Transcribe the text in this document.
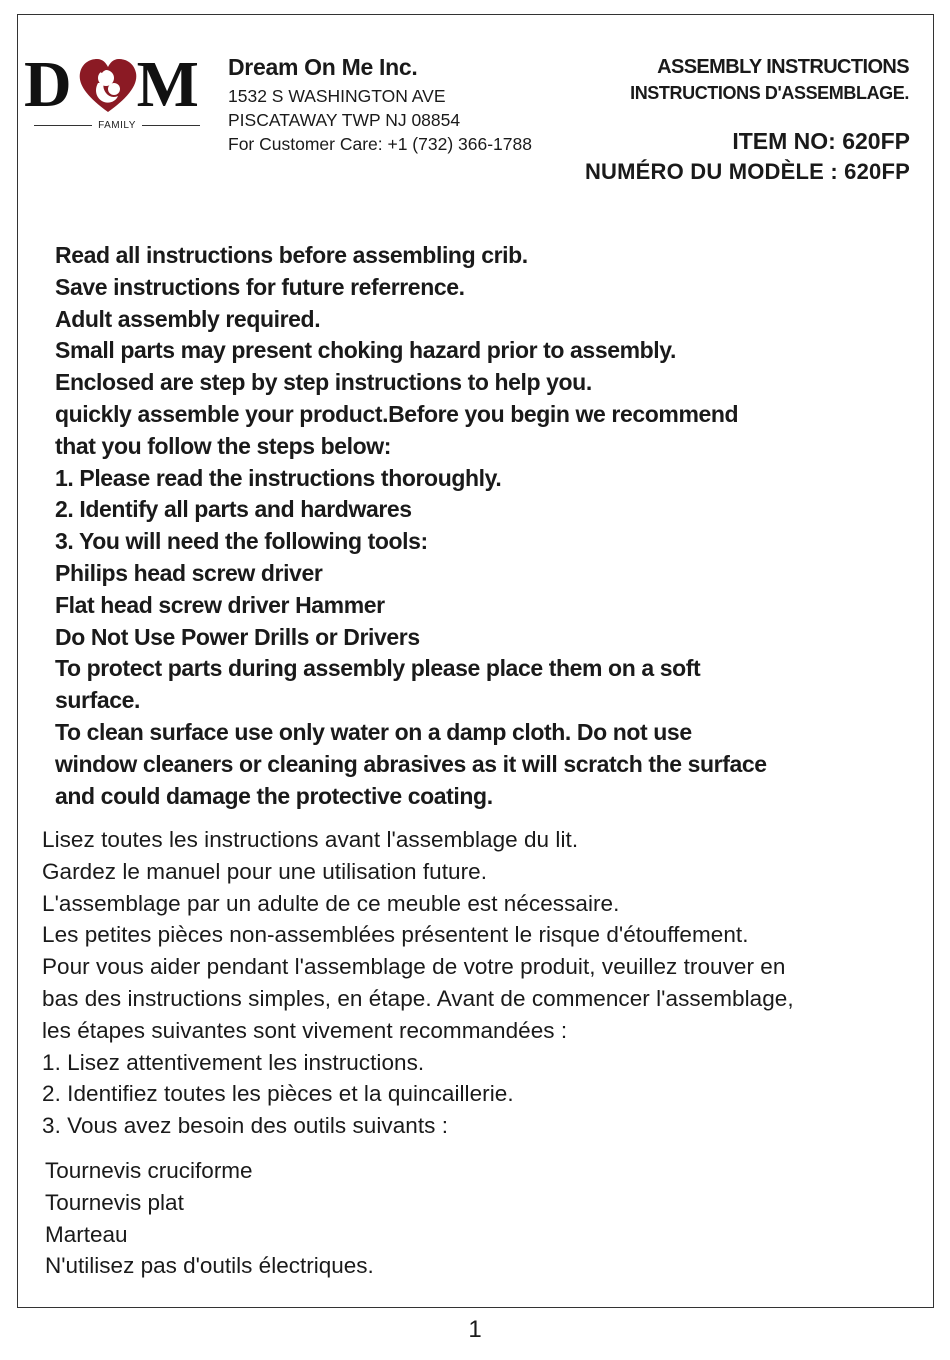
D M
FAMILY
Dream On Me Inc.
1532 S WASHINGTON AVE
PISCATAWAY TWP NJ 08854
For Customer Care: +1 (732) 366-1788
ASSEMBLY INSTRUCTIONS
INSTRUCTIONS D'ASSEMBLAGE.
ITEM NO: 620FP
NUMÉRO DU MODÈLE : 620FP
Read all instructions before assembling crib.
Save instructions for future referrence.
Adult assembly required.
Small parts may present choking hazard prior to assembly.
Enclosed are step by step instructions to help you.
quickly assemble your product.Before you begin we recommend
that you follow the steps below:
1. Please read the instructions thoroughly.
2. Identify all parts and hardwares
3. You will need the following tools:
Philips head screw driver
Flat head screw driver Hammer
Do Not Use Power Drills or Drivers
To protect parts during assembly please place them on a soft
surface.
To clean surface use only water on a damp cloth. Do not use
window cleaners or cleaning abrasives as it will scratch the surface
and could damage the protective coating.
Lisez toutes les instructions avant l'assemblage du lit.
Gardez le manuel pour une utilisation future.
L'assemblage par un adulte de ce meuble est nécessaire.
Les petites pièces non-assemblées présentent le risque d'étouffement.
Pour vous aider pendant l'assemblage de votre produit, veuillez trouver en
bas des instructions simples, en étape. Avant de commencer l'assemblage,
les étapes suivantes sont vivement recommandées :
1. Lisez attentivement les instructions.
2. Identifiez toutes les pièces et la quincaillerie.
3. Vous avez besoin des outils suivants :
Tournevis cruciforme
Tournevis plat
Marteau
N'utilisez pas d'outils électriques.
1
